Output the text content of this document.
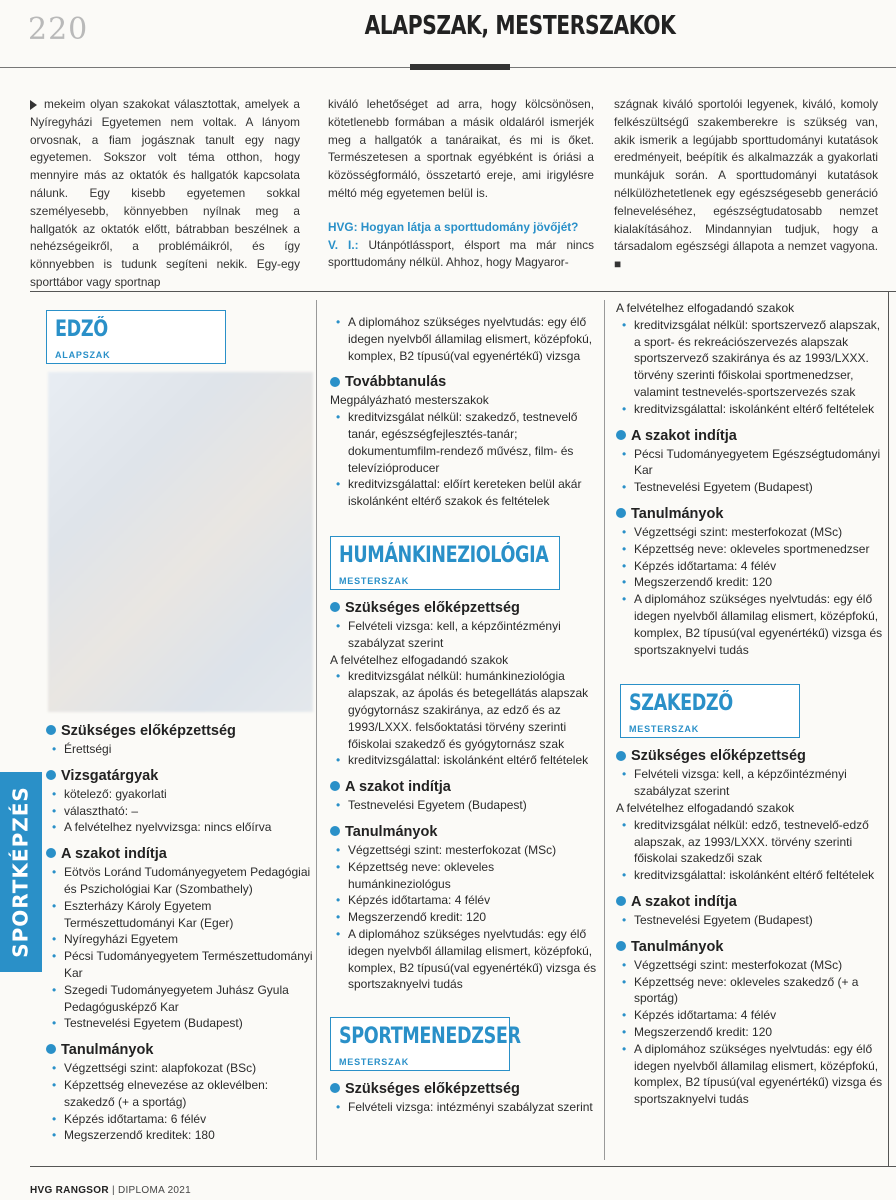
220	ALAPSZAK, MESTERSZAKOK
mekeim olyan szakokat választottak, amelyek a Nyíregyházi Egyetemen nem voltak. A lányom orvosnak, a fiam jogásznak tanult egy nagy egyetemen. Sokszor volt téma otthon, hogy mennyire más az oktatók és hallgatók kapcsolata nálunk. Egy kisebb egyetemen sokkal személyesebb, könnyebben nyílnak meg a hallgatók az oktatók előtt, bátrabban beszélnek a nehézségeikről, a problémáikról, és így könnyebben is tudunk segíteni nekik. Egy-egy sporttábor vagy sportnap
kiváló lehetőséget ad arra, hogy kölcsönösen, kötetlenebb formában a másik oldaláról ismerjék meg a hallgatók a tanáraikat, és mi is őket. Természetesen a sportnak egyébként is óriási a közösségformáló, összetartó ereje, ami irigylésre méltó még egyetemen belül is.
HVG: Hogyan látja a sporttudomány jövőjét?
V. I.: Utánpótlássport, élsport ma már nincs sporttudomány nélkül. Ahhoz, hogy Magyaror-
szágnak kiváló sportolói legyenek, kiváló, komoly felkészültségű szakemberekre is szükség van, akik ismerik a legújabb sporttudományi kutatások eredményeit, beépítik és alkalmazzák a gyakorlati munkájuk során. A sporttudományi kutatások nélkülözhetetlenek egy egészségesebb generáció felneveléséhez, egészségtudatosabb nemzet kialakításához. Mindannyian tudjuk, hogy a társadalom egészségi állapota a nemzet vagyona. ■
SPORTKÉPZÉS
EDZŐ
ALAPSZAK
Szükséges előképzettség
• Érettségi
Vizsgatárgyak
• kötelező: gyakorlati
• választható: –
• A felvételhez nyelvvizsga: nincs előírva
A szakot indítja
• Eötvös Loránd Tudományegyetem Pedagógiai és Pszichológiai Kar (Szombathely)
• Eszterházy Károly Egyetem Természettudományi Kar (Eger)
• Nyíregyházi Egyetem
• Pécsi Tudományegyetem Természettudományi Kar
• Szegedi Tudományegyetem Juhász Gyula Pedagógusképző Kar
• Testnevelési Egyetem (Budapest)
Tanulmányok
• Végzettségi szint: alapfokozat (BSc)
• Képzettség elnevezése az oklevélben: szakedző (+ a sportág)
• Képzés időtartama: 6 félév
• Megszerzendő kreditek: 180
• A diplomához szükséges nyelvtudás: egy élő idegen nyelvből államilag elismert, középfokú, komplex, B2 típusú(val egyenértékű) vizsga
Továbbtanulás
Megpályázható mesterszakok
• kreditvizsgálat nélkül: szakedző, testnevelő tanár, egészségfejlesztés-tanár; dokumentumfilm-rendező művész, film- és televízióproducer
• kreditvizsgálattal: előírt kereteken belül akár iskolánként eltérő szakok és feltételek
HUMÁNKINEZIOLÓGIA
MESTERSZAK
Szükséges előképzettség
• Felvételi vizsga: kell, a képzőintézményi szabályzat szerint
A felvételhez elfogadandó szakok
• kreditvizsgálat nélkül: humánkineziológia alapszak, az ápolás és betegellátás alapszak gyógytornász szakiránya, az edző és az 1993/LXXX. felsőoktatási törvény szerinti főiskolai szakedző és gyógytornász szak
• kreditvizsgálattal: iskolánként eltérő feltételek
A szakot indítja
• Testnevelési Egyetem (Budapest)
Tanulmányok
• Végzettségi szint: mesterfokozat (MSc)
• Képzettség neve: okleveles humánkineziológus
• Képzés időtartama: 4 félév
• Megszerzendő kredit: 120
• A diplomához szükséges nyelvtudás: egy élő idegen nyelvből államilag elismert, középfokú, komplex, B2 típusú(val egyenértékű) vizsga és sportszaknyelvi tudás
SPORTMENEDZSER
MESTERSZAK
Szükséges előképzettség
• Felvételi vizsga: intézményi szabályzat szerint
A felvételhez elfogadandó szakok
• kreditvizsgálat nélkül: sportszervező alapszak, a sport- és rekreációszervezés alapszak sportszervező szakiránya és az 1993/LXXX. törvény szerinti főiskolai sportmenedzser, valamint testnevelés-sportszervezés szak
• kreditvizsgálattal: iskolánként eltérő feltételek
A szakot indítja
• Pécsi Tudományegyetem Egészségtudományi Kar
• Testnevelési Egyetem (Budapest)
Tanulmányok
• Végzettségi szint: mesterfokozat (MSc)
• Képzettség neve: okleveles sportmenedzser
• Képzés időtartama: 4 félév
• Megszerzendő kredit: 120
• A diplomához szükséges nyelvtudás: egy élő idegen nyelvből államilag elismert, középfokú, komplex, B2 típusú(val egyenértékű) vizsga és sportszaknyelvi tudás
SZAKEDZŐ
MESTERSZAK
Szükséges előképzettség
• Felvételi vizsga: kell, a képzőintézményi szabályzat szerint
A felvételhez elfogadandó szakok
• kreditvizsgálat nélkül: edző, testnevelő-edző alapszak, az 1993/LXXX. törvény szerinti főiskolai szakedzői szak
• kreditvizsgálattal: iskolánként eltérő feltételek
A szakot indítja
• Testnevelési Egyetem (Budapest)
Tanulmányok
• Végzettségi szint: mesterfokozat (MSc)
• Képzettség neve: okleveles szakedző (+ a sportág)
• Képzés időtartama: 4 félév
• Megszerzendő kredit: 120
• A diplomához szükséges nyelvtudás: egy élő idegen nyelvből államilag elismert, középfokú, komplex, B2 típusú(val egyenértékű) vizsga és sportszaknyelvi tudás
HVG RANGSOR | DIPLOMA 2021
